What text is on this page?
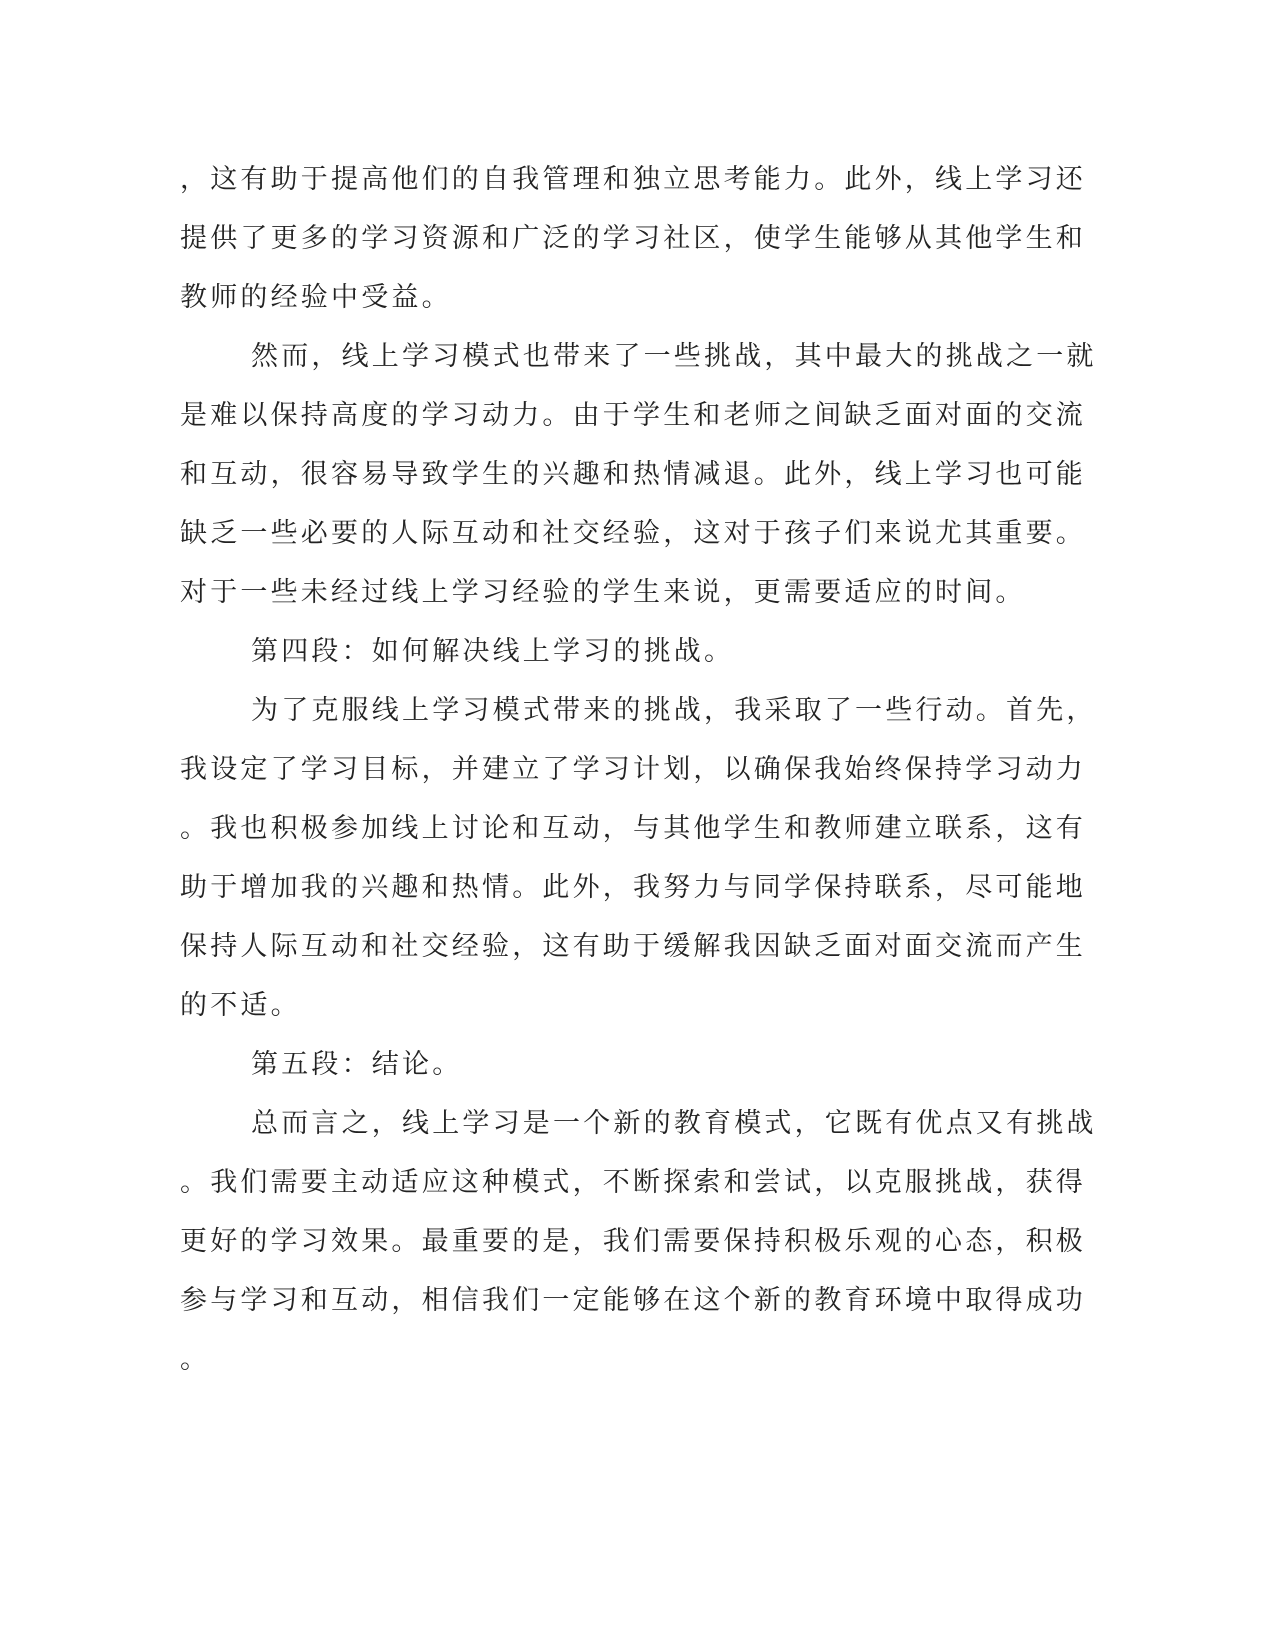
，这有助于提高他们的自我管理和独立思考能力。此外，线上学习还
提供了更多的学习资源和广泛的学习社区，使学生能够从其他学生和
教师的经验中受益。
然而，线上学习模式也带来了一些挑战，其中最大的挑战之一就
是难以保持高度的学习动力。由于学生和老师之间缺乏面对面的交流
和互动，很容易导致学生的兴趣和热情减退。此外，线上学习也可能
缺乏一些必要的人际互动和社交经验，这对于孩子们来说尤其重要。
对于一些未经过线上学习经验的学生来说，更需要适应的时间。
第四段：如何解决线上学习的挑战。
为了克服线上学习模式带来的挑战，我采取了一些行动。首先，
我设定了学习目标，并建立了学习计划，以确保我始终保持学习动力
。我也积极参加线上讨论和互动，与其他学生和教师建立联系，这有
助于增加我的兴趣和热情。此外，我努力与同学保持联系，尽可能地
保持人际互动和社交经验，这有助于缓解我因缺乏面对面交流而产生
的不适。
第五段：结论。
总而言之，线上学习是一个新的教育模式，它既有优点又有挑战
。我们需要主动适应这种模式，不断探索和尝试，以克服挑战，获得
更好的学习效果。最重要的是，我们需要保持积极乐观的心态，积极
参与学习和互动，相信我们一定能够在这个新的教育环境中取得成功
。
